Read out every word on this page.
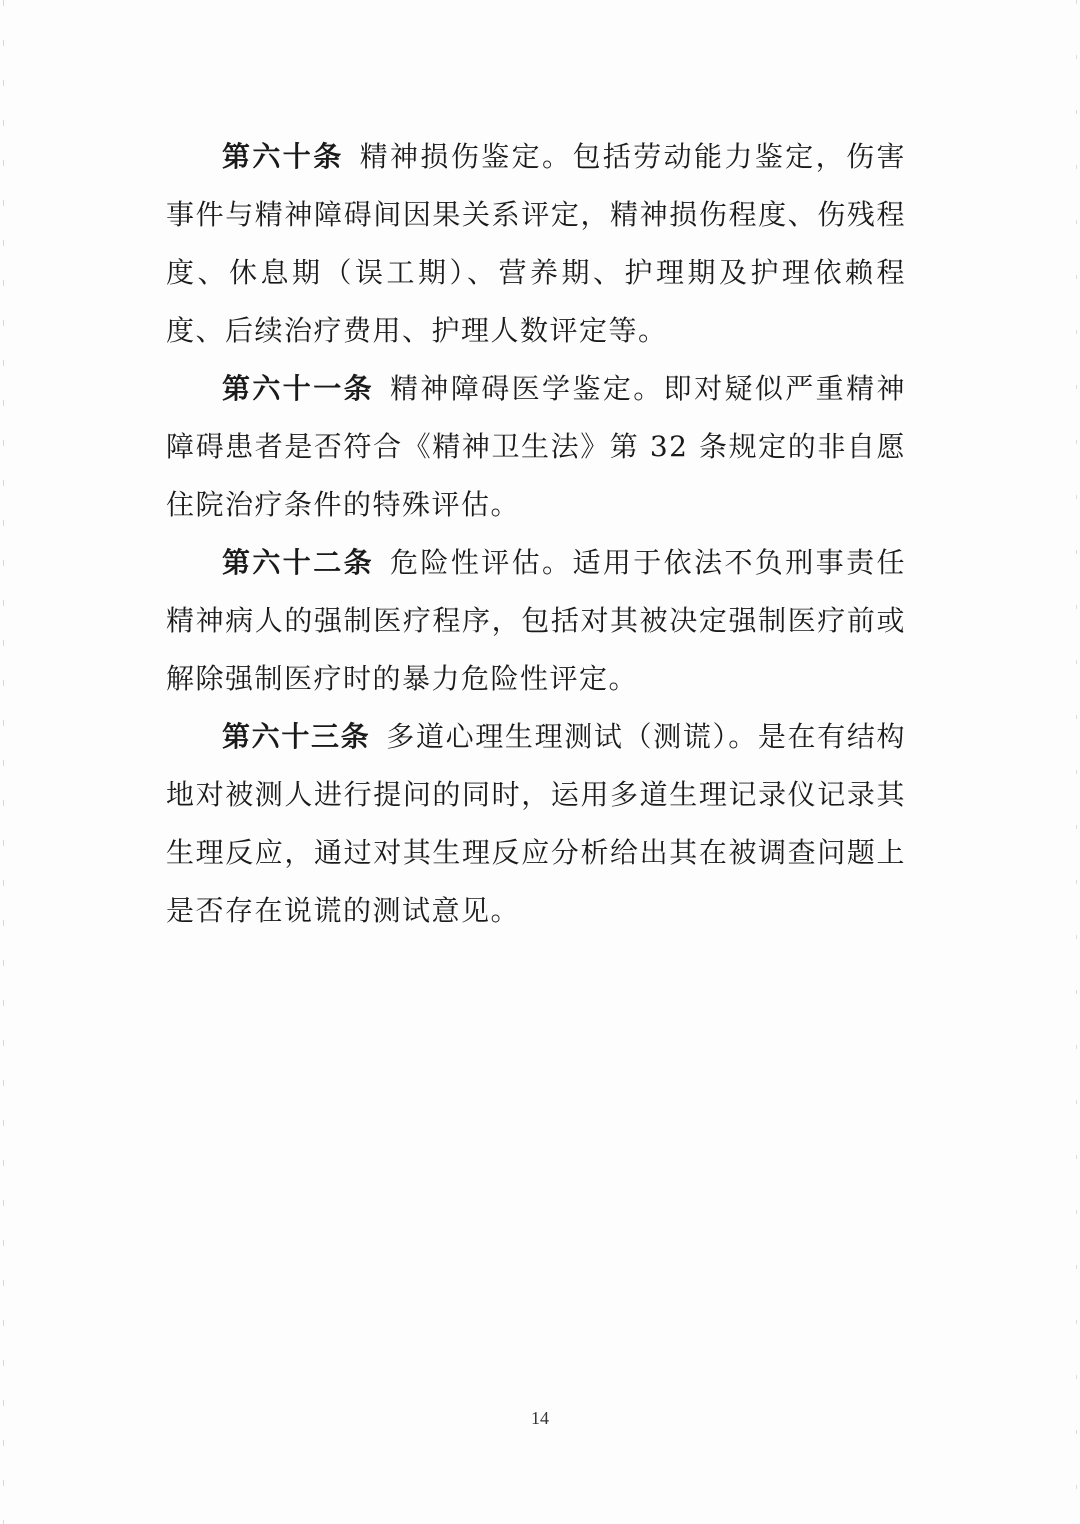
第六十条 精神损伤鉴定。包括劳动能力鉴定，伤害事件与精神障碍间因果关系评定，精神损伤程度、伤残程度、休息期（误工期）、营养期、护理期及护理依赖程度、后续治疗费用、护理人数评定等。

第六十一条 精神障碍医学鉴定。即对疑似严重精神障碍患者是否符合《精神卫生法》第 32 条规定的非自愿住院治疗条件的特殊评估。

第六十二条 危险性评估。适用于依法不负刑事责任精神病人的强制医疗程序，包括对其被决定强制医疗前或解除强制医疗时的暴力危险性评定。

第六十三条 多道心理生理测试（测谎）。是在有结构地对被测人进行提问的同时，运用多道生理记录仪记录其生理反应，通过对其生理反应分析给出其在被调查问题上是否存在说谎的测试意见。

14
